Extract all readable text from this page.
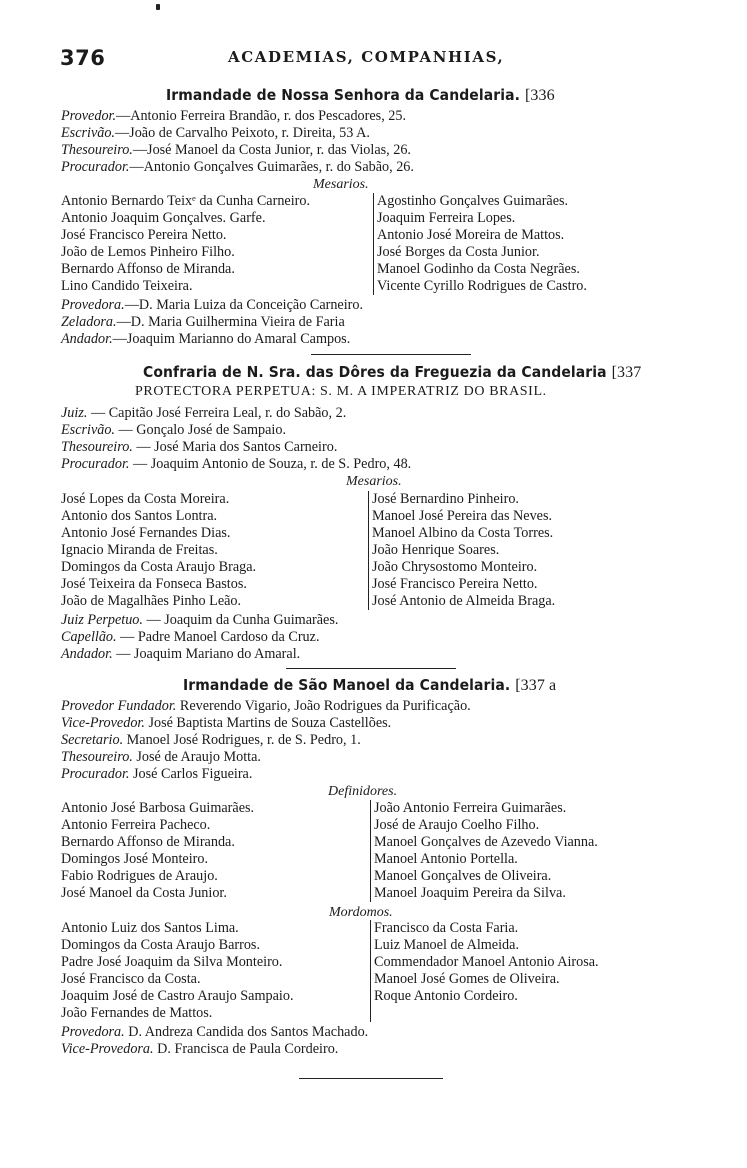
376	ACADEMIAS, COMPANHIAS,
Irmandade de Nossa Senhora da Candelaria. [336
Provedor.—Antonio Ferreira Brandão, r. dos Pescadores, 25.
Escrivão.—João de Carvalho Peixoto, r. Direita, 53 A.
Thesoureiro.—José Manoel da Costa Junior, r. das Violas, 26.
Procurador.—Antonio Gonçalves Guimarães, r. do Sabão, 26.
Mesarios.
Antonio Bernardo Teixᵉ da Cunha Carneiro.
Antonio Joaquim Gonçalves. Garfe.
José Francisco Pereira Netto.
João de Lemos Pinheiro Filho.
Bernardo Affonso de Miranda.
Lino Candido Teixeira.
Agostinho Gonçalves Guimarães.
Joaquim Ferreira Lopes.
Antonio José Moreira de Mattos.
José Borges da Costa Junior.
Manoel Godinho da Costa Negrães.
Vicente Cyrillo Rodrigues de Castro.
Provedora.—D. Maria Luiza da Conceição Carneiro.
Zeladora.—D. Maria Guilhermina Vieira de Faria
Andador.—Joaquim Marianno do Amaral Campos.
Confraria de N. Sra. das Dôres da Freguezia da Candelaria [337
PROTECTORA PERPETUA: S. M. A IMPERATRIZ DO BRASIL.
Juiz. — Capitão José Ferreira Leal, r. do Sabão, 2.
Escrivão. — Gonçalo José de Sampaio.
Thesoureiro. — José Maria dos Santos Carneiro.
Procurador. — Joaquim Antonio de Souza, r. de S. Pedro, 48.
Mesarios.
José Lopes da Costa Moreira.
Antonio dos Santos Lontra.
Antonio José Fernandes Dias.
Ignacio Miranda de Freitas.
Domingos da Costa Araujo Braga.
José Teixeira da Fonseca Bastos.
João de Magalhães Pinho Leão.
José Bernardino Pinheiro.
Manoel José Pereira das Neves.
Manoel Albino da Costa Torres.
João Henrique Soares.
João Chrysostomo Monteiro.
José Francisco Pereira Netto.
José Antonio de Almeida Braga.
Juiz Perpetuo. — Joaquim da Cunha Guimarães.
Capellão. — Padre Manoel Cardoso da Cruz.
Andador. — Joaquim Mariano do Amaral.
Irmandade de São Manoel da Candelaria. [337 a
Provedor Fundador. Reverendo Vigario, João Rodrigues da Purificação.
Vice-Provedor. José Baptista Martins de Souza Castellões.
Secretario. Manoel José Rodrigues, r. de S. Pedro, 1.
Thesoureiro. José de Araujo Motta.
Procurador. José Carlos Figueira.
Definidores.
Antonio José Barbosa Guimarães.
Antonio Ferreira Pacheco.
Bernardo Affonso de Miranda.
Domingos José Monteiro.
Fabio Rodrigues de Araujo.
José Manoel da Costa Junior.
João Antonio Ferreira Guimarães.
José de Araujo Coelho Filho.
Manoel Gonçalves de Azevedo Vianna.
Manoel Antonio Portella.
Manoel Gonçalves de Oliveira.
Manoel Joaquim Pereira da Silva.
Mordomos.
Antonio Luiz dos Santos Lima.
Domingos da Costa Araujo Barros.
Padre José Joaquim da Silva Monteiro.
José Francisco da Costa.
Joaquim José de Castro Araujo Sampaio.
João Fernandes de Mattos.
Francisco da Costa Faria.
Luiz Manoel de Almeida.
Commendador Manoel Antonio Airosa.
Manoel José Gomes de Oliveira.
Roque Antonio Cordeiro.
Provedora. D. Andreza Candida dos Santos Machado.
Vice-Provedora. D. Francisca de Paula Cordeiro.
